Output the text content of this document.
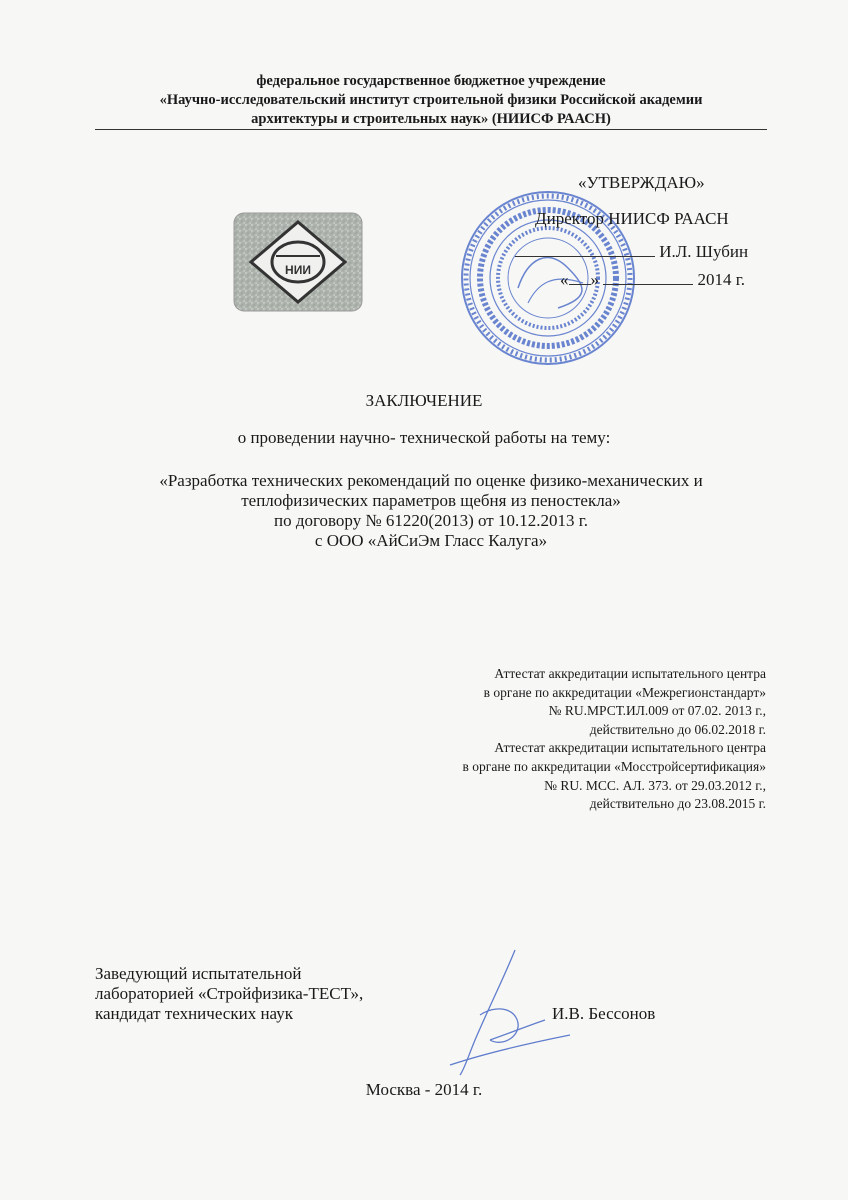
федеральное государственное бюджетное учреждение
«Научно-исследовательский институт строительной физики Российской академии
архитектуры и строительных наук» (НИИСФ РААСН)
НИИ
«УТВЕРЖДАЮ»
Директор НИИСФ РААСН
И.Л. Шубин
« »	2014 г.
ЗАКЛЮЧЕНИЕ
о проведении научно- технической работы на тему:
«Разработка технических рекомендаций по оценке физико-механических и
теплофизических параметров щебня из пеностекла»
по договору № 61220(2013) от 10.12.2013 г.
с ООО «АйСиЭм Гласс Калуга»
Аттестат аккредитации испытательного центра
в органе по аккредитации «Межрегионстандарт»
№ RU.МРСТ.ИЛ.009 от 07.02. 2013 г.,
действительно до 06.02.2018 г.
Аттестат аккредитации испытательного центра
в органе по аккредитации «Мосстройсертификация»
№ RU. МСС. АЛ. 373. от 29.03.2012 г.,
действительно до 23.08.2015 г.
Заведующий испытательной
лабораторией «Стройфизика-ТЕСТ»,
кандидат технических наук	И.В. Бессонов
Москва - 2014 г.
